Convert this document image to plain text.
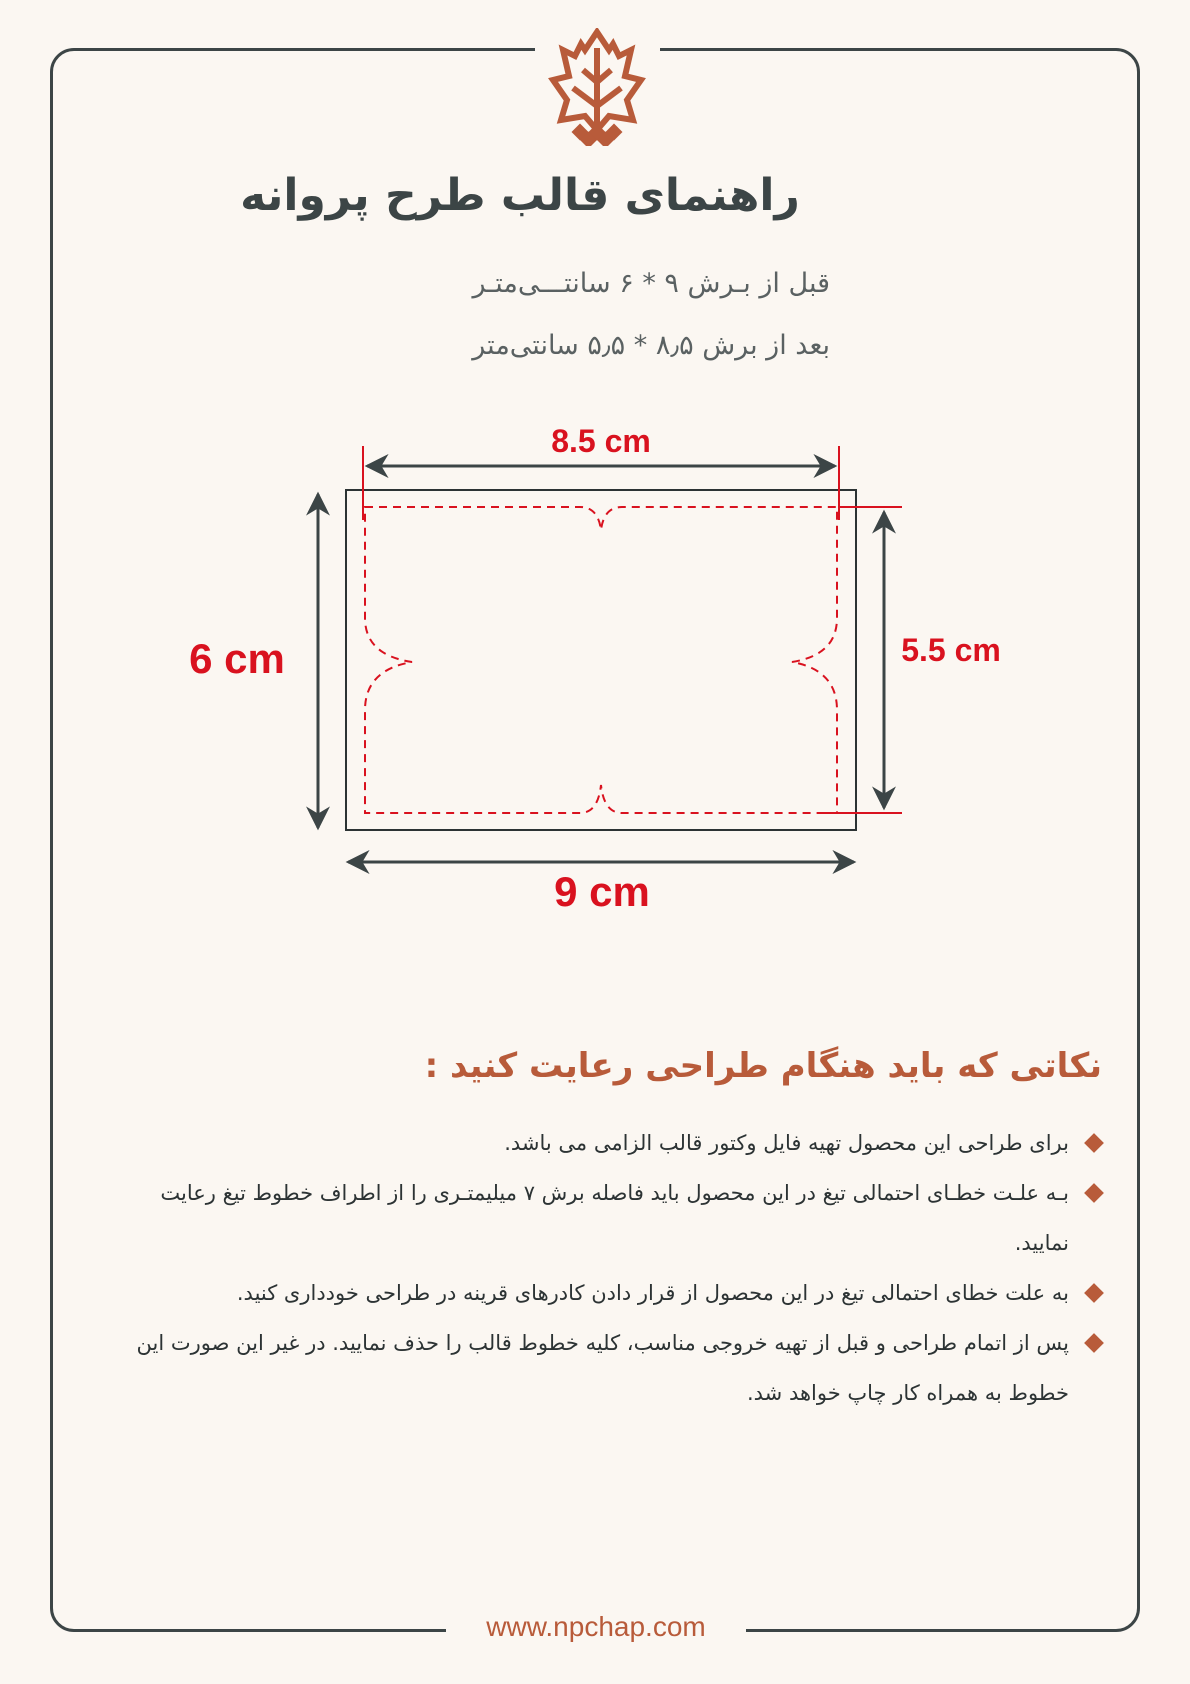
راهنمای قالب طرح پروانه
قبل از بـرش ۹ * ۶ سانتـــی‌متـر
بعد از برش ۸٫۵ * ۵٫۵ سانتی‌متر
8.5 cm
6 cm	5.5 cm
9 cm
نکاتی که باید هنگام طراحی رعایت کنید :
برای طراحی این محصول تهیه فایل وکتور قالب الزامی می باشد.
بـه علـت خطـای احتمالی تیغ در این محصول باید فاصله برش ۷ میلیمتـری را از اطراف خطوط تیغ رعایت نمایید.
به علت خطای احتمالی تیغ در این محصول از قرار دادن کادرهای قرینه در طراحی خودداری کنید.
پس از اتمام طراحی و قبل از تهیه خروجی مناسب، کلیه خطوط قالب را حذف نمایید. در غیر این صورت این خطوط به همراه کار چاپ خواهد شد.
www.npchap.com
